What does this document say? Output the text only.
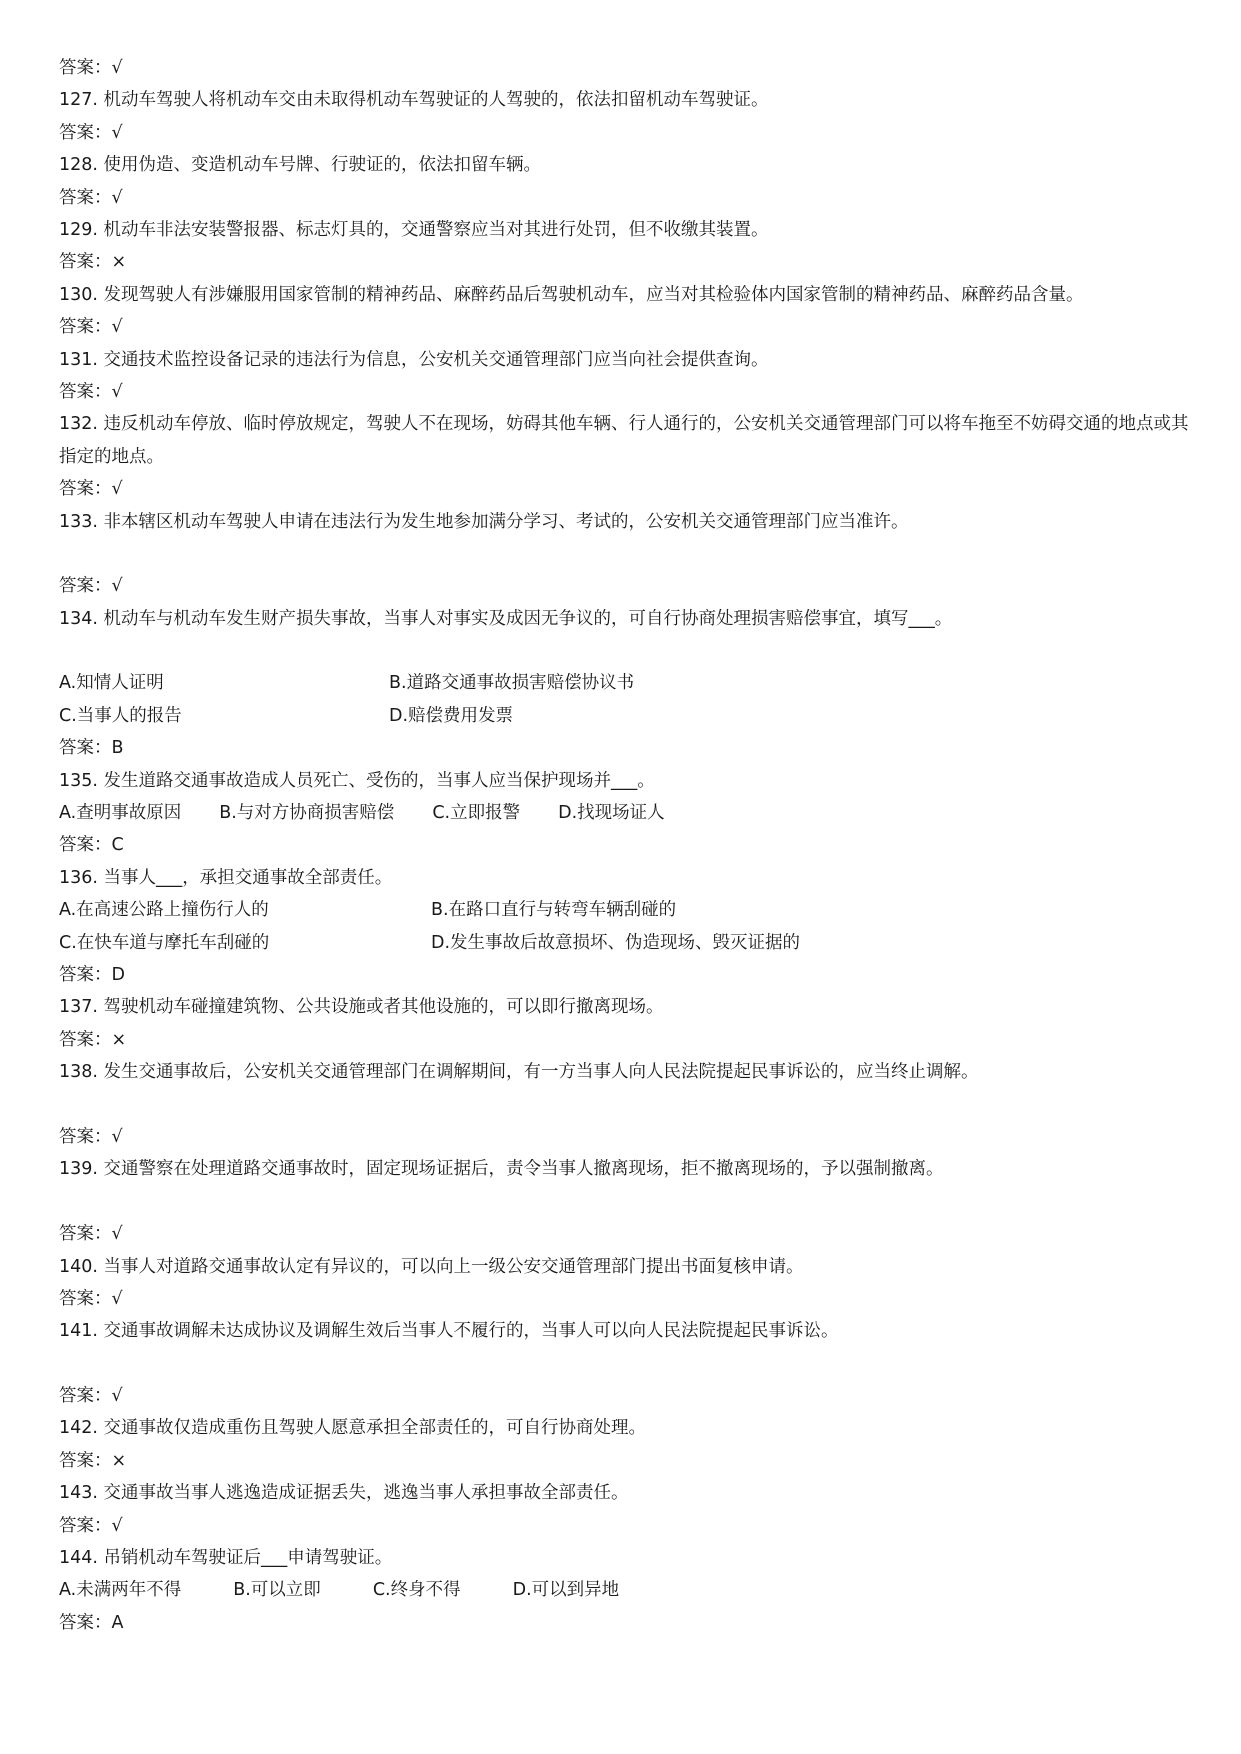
答案：√
127. 机动车驾驶人将机动车交由未取得机动车驾驶证的人驾驶的，依法扣留机动车驾驶证。
答案：√
128. 使用伪造、变造机动车号牌、行驶证的，依法扣留车辆。
答案：√
129. 机动车非法安装警报器、标志灯具的，交通警察应当对其进行处罚，但不收缴其装置。
答案：×
130. 发现驾驶人有涉嫌服用国家管制的精神药品、麻醉药品后驾驶机动车，应当对其检验体内国家管制的精神药品、麻醉药品含量。
答案：√
131. 交通技术监控设备记录的违法行为信息，公安机关交通管理部门应当向社会提供查询。
答案：√
132. 违反机动车停放、临时停放规定，驾驶人不在现场，妨碍其他车辆、行人通行的，公安机关交通管理部门可以将车拖至不妨碍交通的地点或其指定的地点。
答案：√
133. 非本辖区机动车驾驶人申请在违法行为发生地参加满分学习、考试的，公安机关交通管理部门应当准许。
答案：√
134. 机动车与机动车发生财产损失事故，当事人对事实及成因无争议的，可自行协商处理损害赔偿事宜，填写___。
A.知情人证明	B.道路交通事故损害赔偿协议书
C.当事人的报告	D.赔偿费用发票
答案：B
135. 发生道路交通事故造成人员死亡、受伤的，当事人应当保护现场并___。
A.查明事故原因 B.与对方协商损害赔偿 C.立即报警 D.找现场证人
答案：C
136. 当事人___，承担交通事故全部责任。
A.在高速公路上撞伤行人的	B.在路口直行与转弯车辆刮碰的
C.在快车道与摩托车刮碰的	D.发生事故后故意损坏、伪造现场、毁灭证据的
答案：D
137. 驾驶机动车碰撞建筑物、公共设施或者其他设施的，可以即行撤离现场。
答案：×
138. 发生交通事故后，公安机关交通管理部门在调解期间，有一方当事人向人民法院提起民事诉讼的，应当终止调解。
答案：√
139. 交通警察在处理道路交通事故时，固定现场证据后，责令当事人撤离现场，拒不撤离现场的，予以强制撤离。
答案：√
140. 当事人对道路交通事故认定有异议的，可以向上一级公安交通管理部门提出书面复核申请。
答案：√
141. 交通事故调解未达成协议及调解生效后当事人不履行的，当事人可以向人民法院提起民事诉讼。
答案：√
142. 交通事故仅造成重伤且驾驶人愿意承担全部责任的，可自行协商处理。
答案：×
143. 交通事故当事人逃逸造成证据丢失，逃逸当事人承担事故全部责任。
答案：√
144. 吊销机动车驾驶证后___申请驾驶证。
A.未满两年不得	B.可以立即	C.终身不得	D.可以到异地
答案：A
